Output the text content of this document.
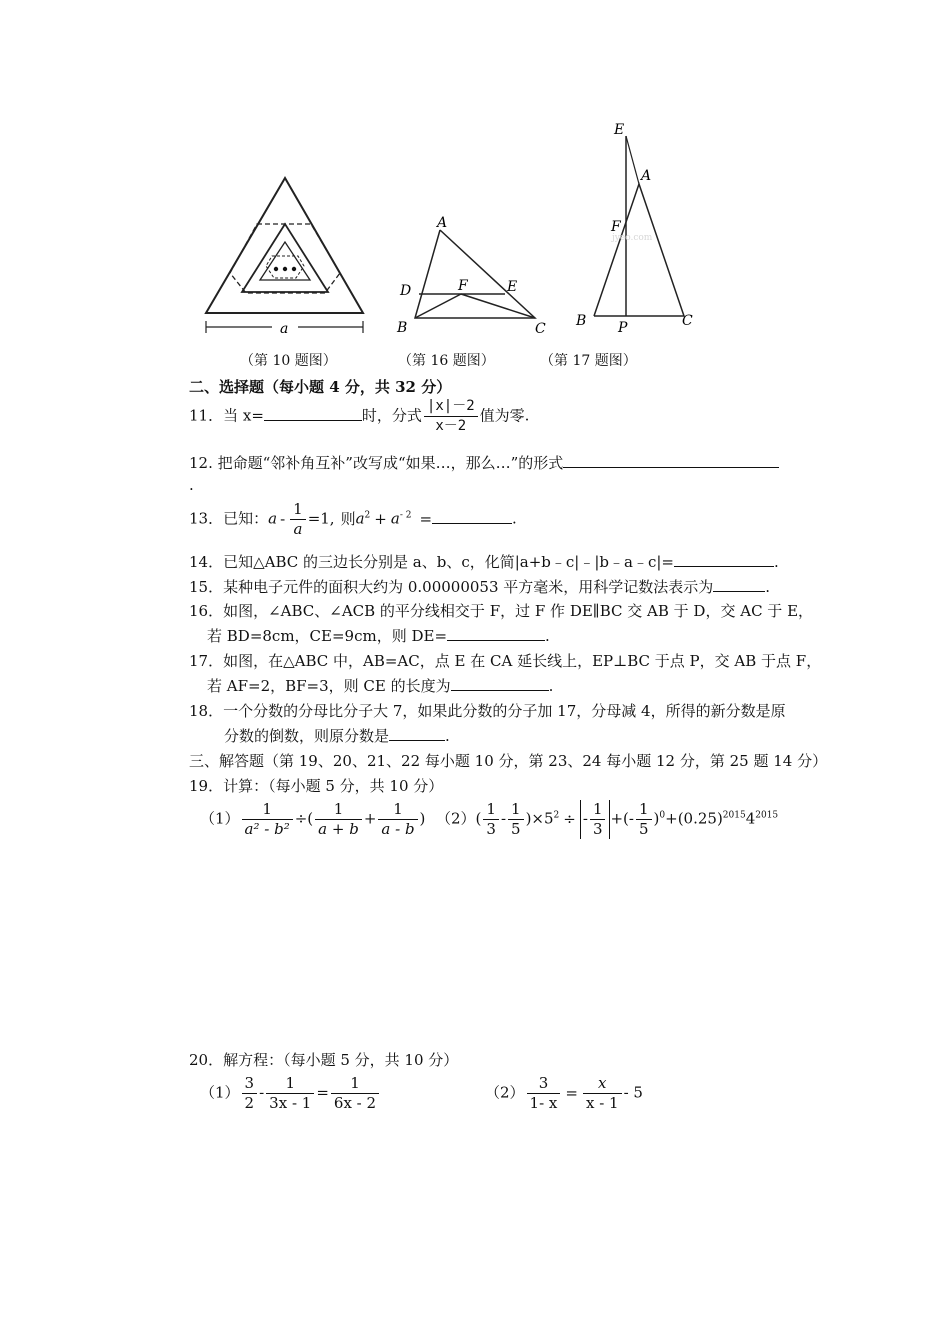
a
A
D	F	E
B	C
jyeo.com
E
A
F
B P	C
（第 10 题图）	（第 16 题图）	（第 17 题图）
二、选择题（每小题 4 分，共 32 分）
11．当 x=	时，分式 $\frac{|x|-2}{x-2}$ 值为零.
12. 把命题“邻补角互补”改写成“如果…，那么…”的形式
.
13．已知：$a - \frac{1}{a} =1$, 则$a^2 + a^{- 2}$ =	.
14．已知△ABC 的三边长分别是 a、b、c，化简|a+b﹣c|﹣|b﹣a﹣c|=	.
15．某种电子元件的面积大约为 0.00000053 平方毫米，用科学记数法表示为	.
16．如图，∠ABC、∠ACB 的平分线相交于 F，过 F 作 DE∥BC 交 AB 于 D，交 AC 于 E，
若 BD=8cm，CE=9cm，则 DE=	.
17．如图，在△ABC 中，AB=AC，点 E 在 CA 延长线上，EP⊥BC 于点 P，交 AB 于点 F，
若 AF=2，BF=3，则 CE 的长度为	.
18．一个分数的分母比分子大 7，如果此分数的分子加 17，分母减 4，所得的新分数是原
分数的倒数，则原分数是	.
三、解答题（第 19、20、21、22 每小题 10 分，第 23、24 每小题 12 分，第 25 题 14 分）
19．计算：（每小题 5 分，共 10 分）
$(1) \frac{1}{\text{a² - b²}}$ ÷( $\frac{1}{a + b} + \frac{1}{a - b}$ ) $(2)( \frac{1}{3} - \frac{1}{5} )\times 5^2$ ÷ - $\frac{1}{3}$ +(- $\frac{1}{5} )^0+(0.25)^{2015}4^{2015}$
20．解方程：（每小题 5 分，共 10 分）
$(1) \frac{3}{2} - \frac{1}{3x - 1} = \frac{1}{6x - 2}$	$(2) \frac{3}{1- x} = \frac{x}{x - 1} - 5$
